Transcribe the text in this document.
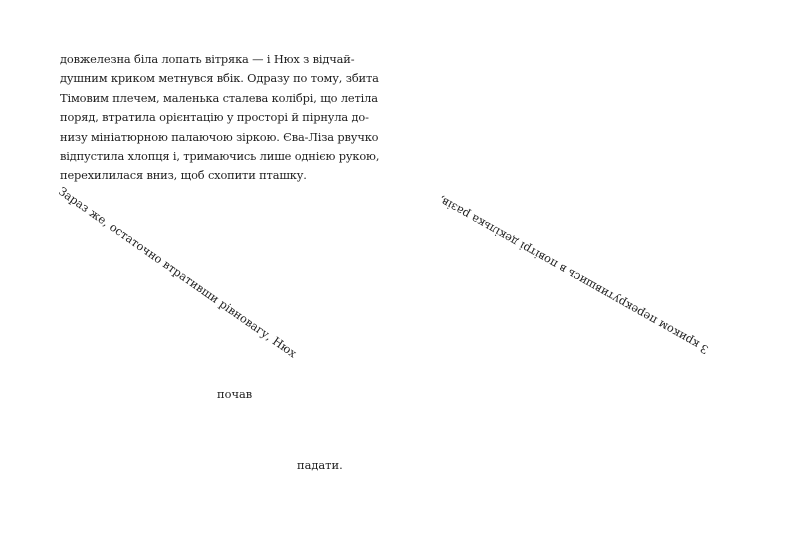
довжелезна біла лопать вітряка — і Нюх з відчай-
душним криком метнувся вбік. Одразу по тому, збита
Тімовим плечем, маленька сталева колібрі, що летіла
поряд, втратила орієнтацію у просторі й пірнула до-
низу мініатюрною палаючою зіркою. Єва-Ліза рвучко
відпустила хлопця і, тримаючись лише однією рукою,
перехилилася вниз, щоб схопити пташку.

Зараз же, остаточно втративши рівновагу, Нюх
почав
падати.
З криком перекрутившись в повітрі декілька разів,
